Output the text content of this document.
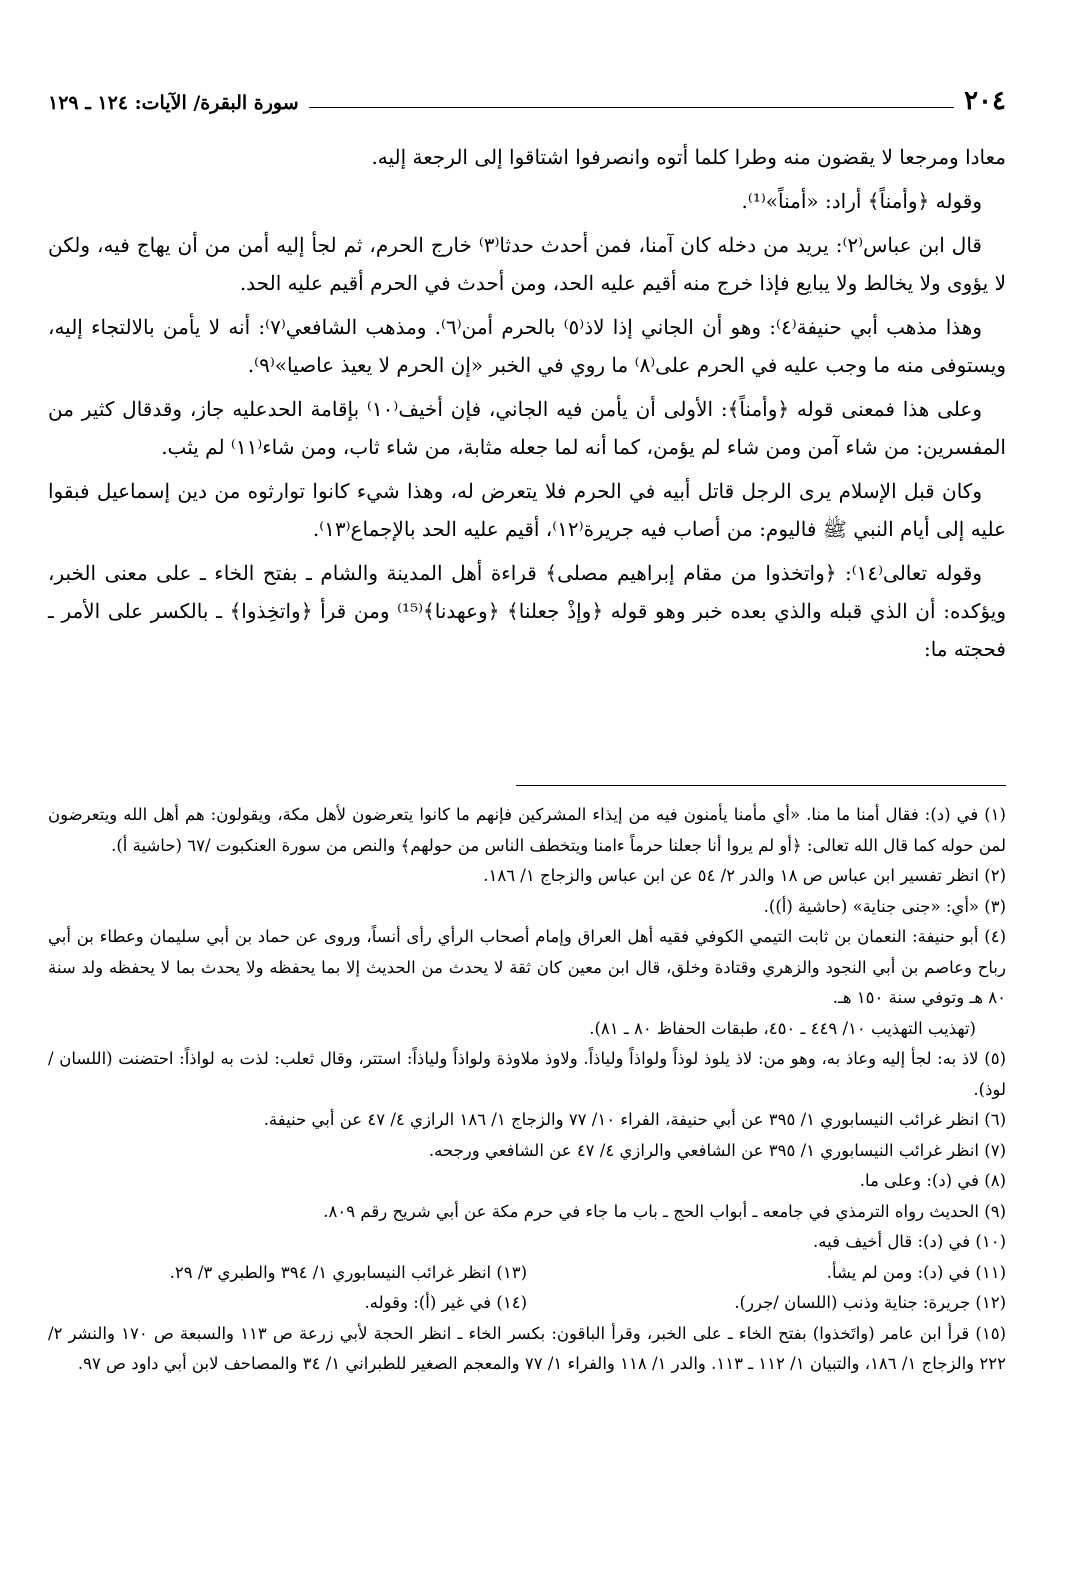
٢٠٤
سورة البقرة/ الآيات: ١٢٤ ـ ١٢٩

معادا ومرجعا لا يقضون منه وطرا كلما أتوه وانصرفوا اشتاقوا إلى الرجعة إليه.

وقوله ﴿وأمناً﴾ أراد: «أمناً»⁽¹⁾.

قال ابن عباس⁽٢⁾: يريد من دخله كان آمنا، فمن أحدث حدثا⁽٣⁾ خارج الحرم، ثم لجأ إليه أمن من أن يهاج فيه، ولكن لا يؤوى ولا يخالط ولا يبايع فإذا خرج منه أقيم عليه الحد، ومن أحدث في الحرم أقيم عليه الحد.

وهذا مذهب أبي حنيفة⁽٤⁾: وهو أن الجاني إذا لاذ⁽٥⁾ بالحرم أمن⁽٦⁾. ومذهب الشافعي⁽٧⁾: أنه لا يأمن بالالتجاء إليه، ويستوفى منه ما وجب عليه في الحرم على⁽٨⁾ ما روي في الخبر «إن الحرم لا يعيذ عاصيا»⁽٩⁾.

وعلى هذا فمعنى قوله ﴿وأمناً﴾: الأولى أن يأمن فيه الجاني، فإن أخيف⁽١٠⁾ بإقامة الحدعليه جاز، وقدقال كثير من المفسرين: من شاء آمن ومن شاء لم يؤمن، كما أنه لما جعله مثابة، من شاء ثاب، ومن شاء⁽١١⁾ لم يثب.

وكان قبل الإسلام يرى الرجل قاتل أبيه في الحرم فلا يتعرض له، وهذا شيء كانوا توارثوه من دين إسماعيل فبقوا عليه إلى أيام النبي ﷺ فاليوم: من أصاب فيه جريرة⁽١٢⁾، أقيم عليه الحد بالإجماع⁽١٣⁾.

وقوله تعالى⁽١٤⁾: ﴿واتخذوا من مقام إبراهيم مصلى﴾ قراءة أهل المدينة والشام ـ بفتح الخاء ـ على معنى الخبر، ويؤكده: أن الذي قبله والذي بعده خبر وهو قوله ﴿وإذْ جعلنا﴾ ﴿وعهدنا﴾⁽¹⁵⁾ ومن قرأ ﴿واتخِذوا﴾ ـ بالكسر على الأمر ـ فحجته ما:

(١) في (د): فقال أمنا ما منا. «أي مأمنا يأمنون فيه من إيذاء المشركين فإنهم ما كانوا يتعرضون لأهل مكة، ويقولون: هم أهل الله ويتعرضون لمن حوله كما قال الله تعالى: ﴿أو لم يروا أنا جعلنا حرماً ءامنا ويتخطف الناس من حولهم﴾ والنص من سورة العنكبوت /٦٧ (حاشية أ).

(٢) انظر تفسير ابن عباس ص ١٨ والدر ٢/ ٥٤ عن ابن عباس والزجاج ١/ ١٨٦.

(٣) «أي: «جنى جناية» (حاشية (أ)).

(٤) أبو حنيفة: النعمان بن ثابت التيمي الكوفي فقيه أهل العراق وإمام أصحاب الرأي رأى أنساً، وروى عن حماد بن أبي سليمان وعطاء بن أبي رباح وعاصم بن أبي النجود والزهري وقتادة وخلق، قال ابن معين كان ثقة لا يحدث من الحديث إلا بما يحفظه ولا يحدث بما لا يحفظه ولد سنة ٨٠ هـ وتوفي سنة ١٥٠ هـ.

(تهذيب التهذيب ١٠/ ٤٤٩ ـ ٤٥٠، طبقات الحفاظ ٨٠ ـ ٨١).

(٥) لاذ به: لجأ إليه وعاذ به، وهو من: لاذ يلوذ لوذاً ولواذاً ولياذاً. ولاوذ ملاوذة ولواذاً ولياذاً: استتر، وقال ثعلب: لذت به لواذاً: احتضنت (اللسان / لوذ).

(٦) انظر غرائب النيسابوري ١/ ٣٩٥ عن أبي حنيفة، الفراء ١٠/ ٧٧ والزجاج ١/ ١٨٦ الرازي ٤/ ٤٧ عن أبي حنيفة.

(٧) انظر غرائب النيسابوري ١/ ٣٩٥ عن الشافعي والرازي ٤/ ٤٧ عن الشافعي ورجحه.

(٨) في (د): وعلى ما.

(٩) الحديث رواه الترمذي في جامعه ـ أبواب الحج ـ باب ما جاء في حرم مكة عن أبي شريح رقم ٨٠٩.

(١٠) في (د): قال أخيف فيه.

(١١) في (د): ومن لم يشأ.

(١٣) انظر غرائب النيسابوري ١/ ٣٩٤ والطبري ٣/ ٢٩.

(١٢) جريرة: جناية وذنب (اللسان /جرر).

(١٤) في غير (أ): وقوله.

(١٥) قرأ ابن عامر (واتَخذوا) بفتح الخاء ـ على الخبر، وقرأ الباقون: بكسر الخاء ـ انظر الحجة لأبي زرعة ص ١١٣ والسبعة ص ١٧٠ والنشر ٢/ ٢٢٢ والزجاج ١/ ١٨٦، والتبيان ١/ ١١٢ ـ ١١٣. والدر ١/ ١١٨ والفراء ١/ ٧٧ والمعجم الصغير للطبراني ١/ ٣٤ والمصاحف لابن أبي داود ص ٩٧.
